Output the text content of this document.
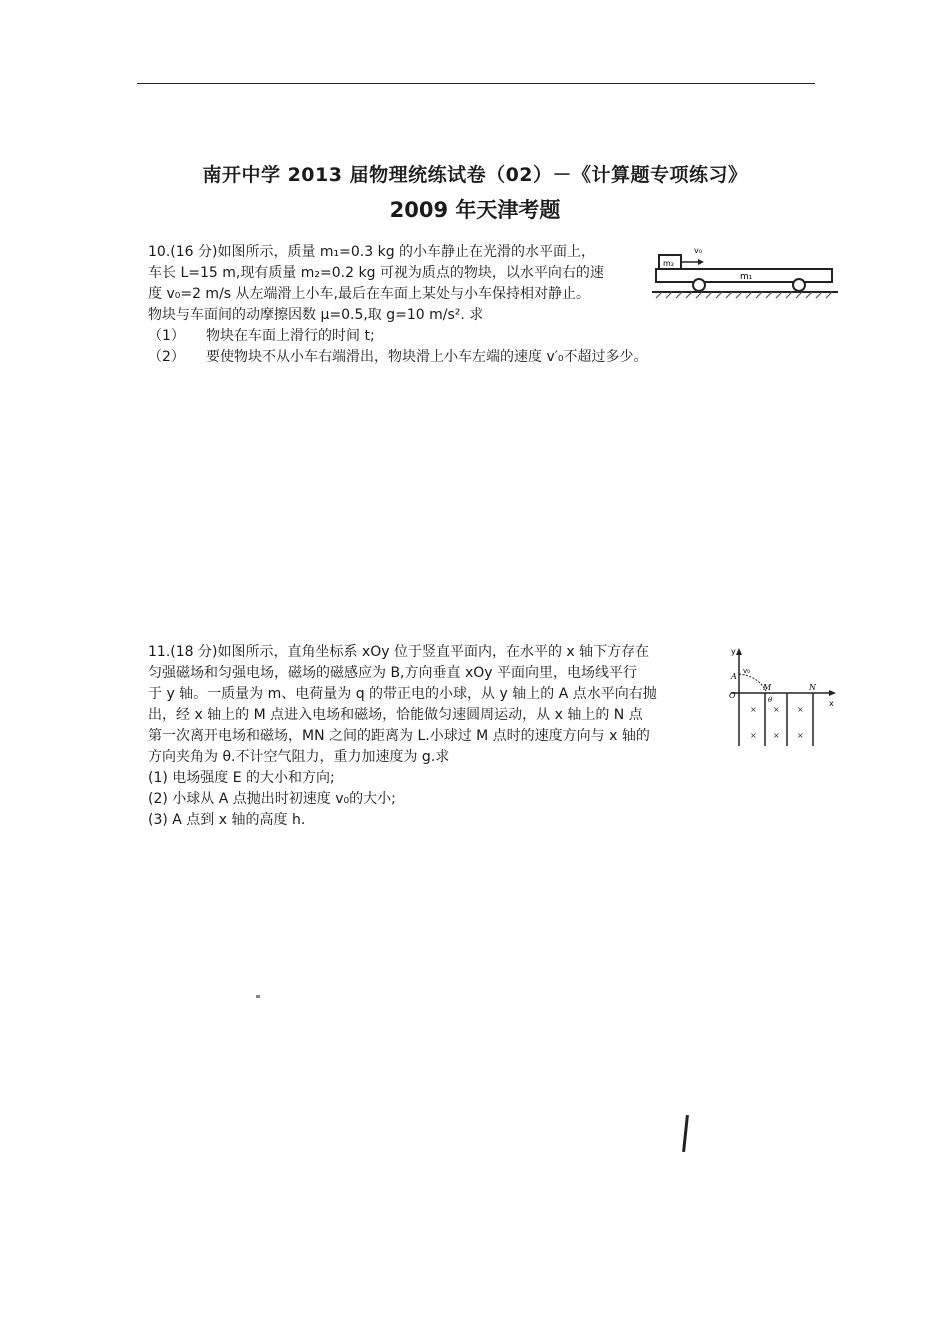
南开中学 2013 届物理统练试卷（02）－《计算题专项练习》
2009 年天津考题
10.(16 分)如图所示，质量 m₁=0.3 kg 的小车静止在光滑的水平面上，
车长 L=15 m,现有质量 m₂=0.2 kg 可视为质点的物块，以水平向右的速
度 v₀=2 m/s 从左端滑上小车,最后在车面上某处与小车保持相对静止。
物块与车面间的动摩擦因数 μ=0.5,取 g=10 m/s². 求
（1） 物块在车面上滑行的时间 t;
（2） 要使物块不从小车右端滑出，物块滑上小车左端的速度 v′₀不超过多少。
m₂
v₀
m₁
11.(18 分)如图所示，直角坐标系 xOy 位于竖直平面内，在水平的 x 轴下方存在
匀强磁场和匀强电场，磁场的磁感应为 B,方向垂直 xOy 平面向里，电场线平行
于 y 轴。一质量为 m、电荷量为 q 的带正电的小球，从 y 轴上的 A 点水平向右抛
出，经 x 轴上的 M 点进入电场和磁场，恰能做匀速圆周运动，从 x 轴上的 N 点
第一次离开电场和磁场，MN 之间的距离为 L.小球过 M 点时的速度方向与 x 轴的
方向夹角为 θ.不计空气阻力，重力加速度为 g.求
(1) 电场强度 E 的大小和方向;
(2) 小球从 A 点抛出时初速度 v₀的大小;
(3) A 点到 x 轴的高度 h.
y
x
O
A
v₀
M	N
θ
× × ×
× × ×
